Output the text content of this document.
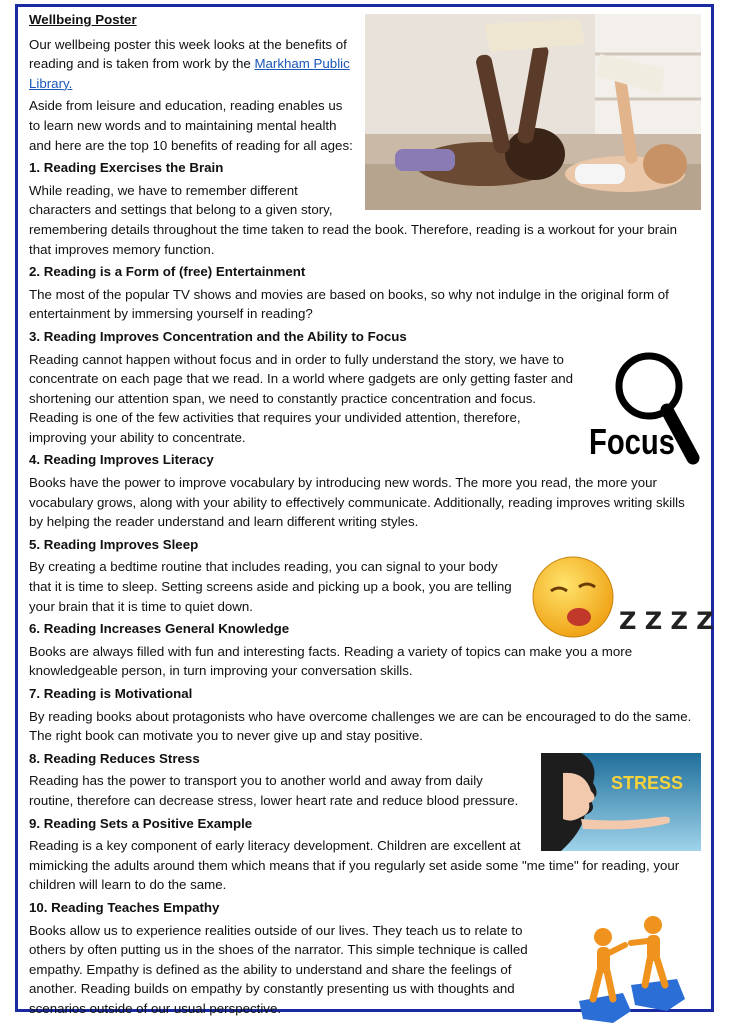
Wellbeing Poster

Our wellbeing poster this week looks at the benefits of reading and is taken from work by the Markham Public Library.

Aside from leisure and education, reading enables us to learn new words and to maintaining mental health and here are the top 10 benefits of reading for all ages:

1. Reading Exercises the Brain

While reading, we have to remember different characters and settings that belong to a given story, remembering details throughout the time taken to read the book. Therefore, reading is a workout for your brain that improves memory function.

2. Reading is a Form of (free) Entertainment

The most of the popular TV shows and movies are based on books, so why not indulge in the original form of entertainment by immersing yourself in reading?

3. Reading Improves Concentration and the Ability to Focus

Focus

Reading cannot happen without focus and in order to fully understand the story, we have to concentrate on each page that we read. In a world where gadgets are only getting faster and shortening our attention span, we need to constantly practice concentration and focus. Reading is one of the few activities that requires your undivided attention, therefore, improving your ability to concentrate.

4. Reading Improves Literacy

Books have the power to improve vocabulary by introducing new words. The more you read, the more your vocabulary grows, along with your ability to effectively communicate. Additionally, reading improves writing skills by helping the reader understand and learn different writing styles.

5. Reading Improves Sleep

Z Z Z Z

By creating a bedtime routine that includes reading, you can signal to your body that it is time to sleep. Setting screens aside and picking up a book, you are telling your brain that it is time to quiet down.

6. Reading Increases General Knowledge

Books are always filled with fun and interesting facts. Reading a variety of topics can make you a more knowledgeable person, in turn improving your conversation skills.

7. Reading is Motivational

By reading books about protagonists who have overcome challenges we are can be encouraged to do the same. The right book can motivate you to never give up and stay positive.

STRESS

8. Reading Reduces Stress

Reading has the power to transport you to another world and away from daily routine, therefore can decrease stress, lower heart rate and reduce blood pressure.

9. Reading Sets a Positive Example

Reading is a key component of early literacy development. Children are excellent at mimicking the adults around them which means that if you regularly set aside some "me time" for reading, your children will learn to do the same.

10. Reading Teaches Empathy

Books allow us to experience realities outside of our lives. They teach us to relate to others by often putting us in the shoes of the narrator. This simple technique is called empathy. Empathy is defined as the ability to understand and share the feelings of another. Reading builds on empathy by constantly presenting us with thoughts and scenarios outside of our usual perspective.
